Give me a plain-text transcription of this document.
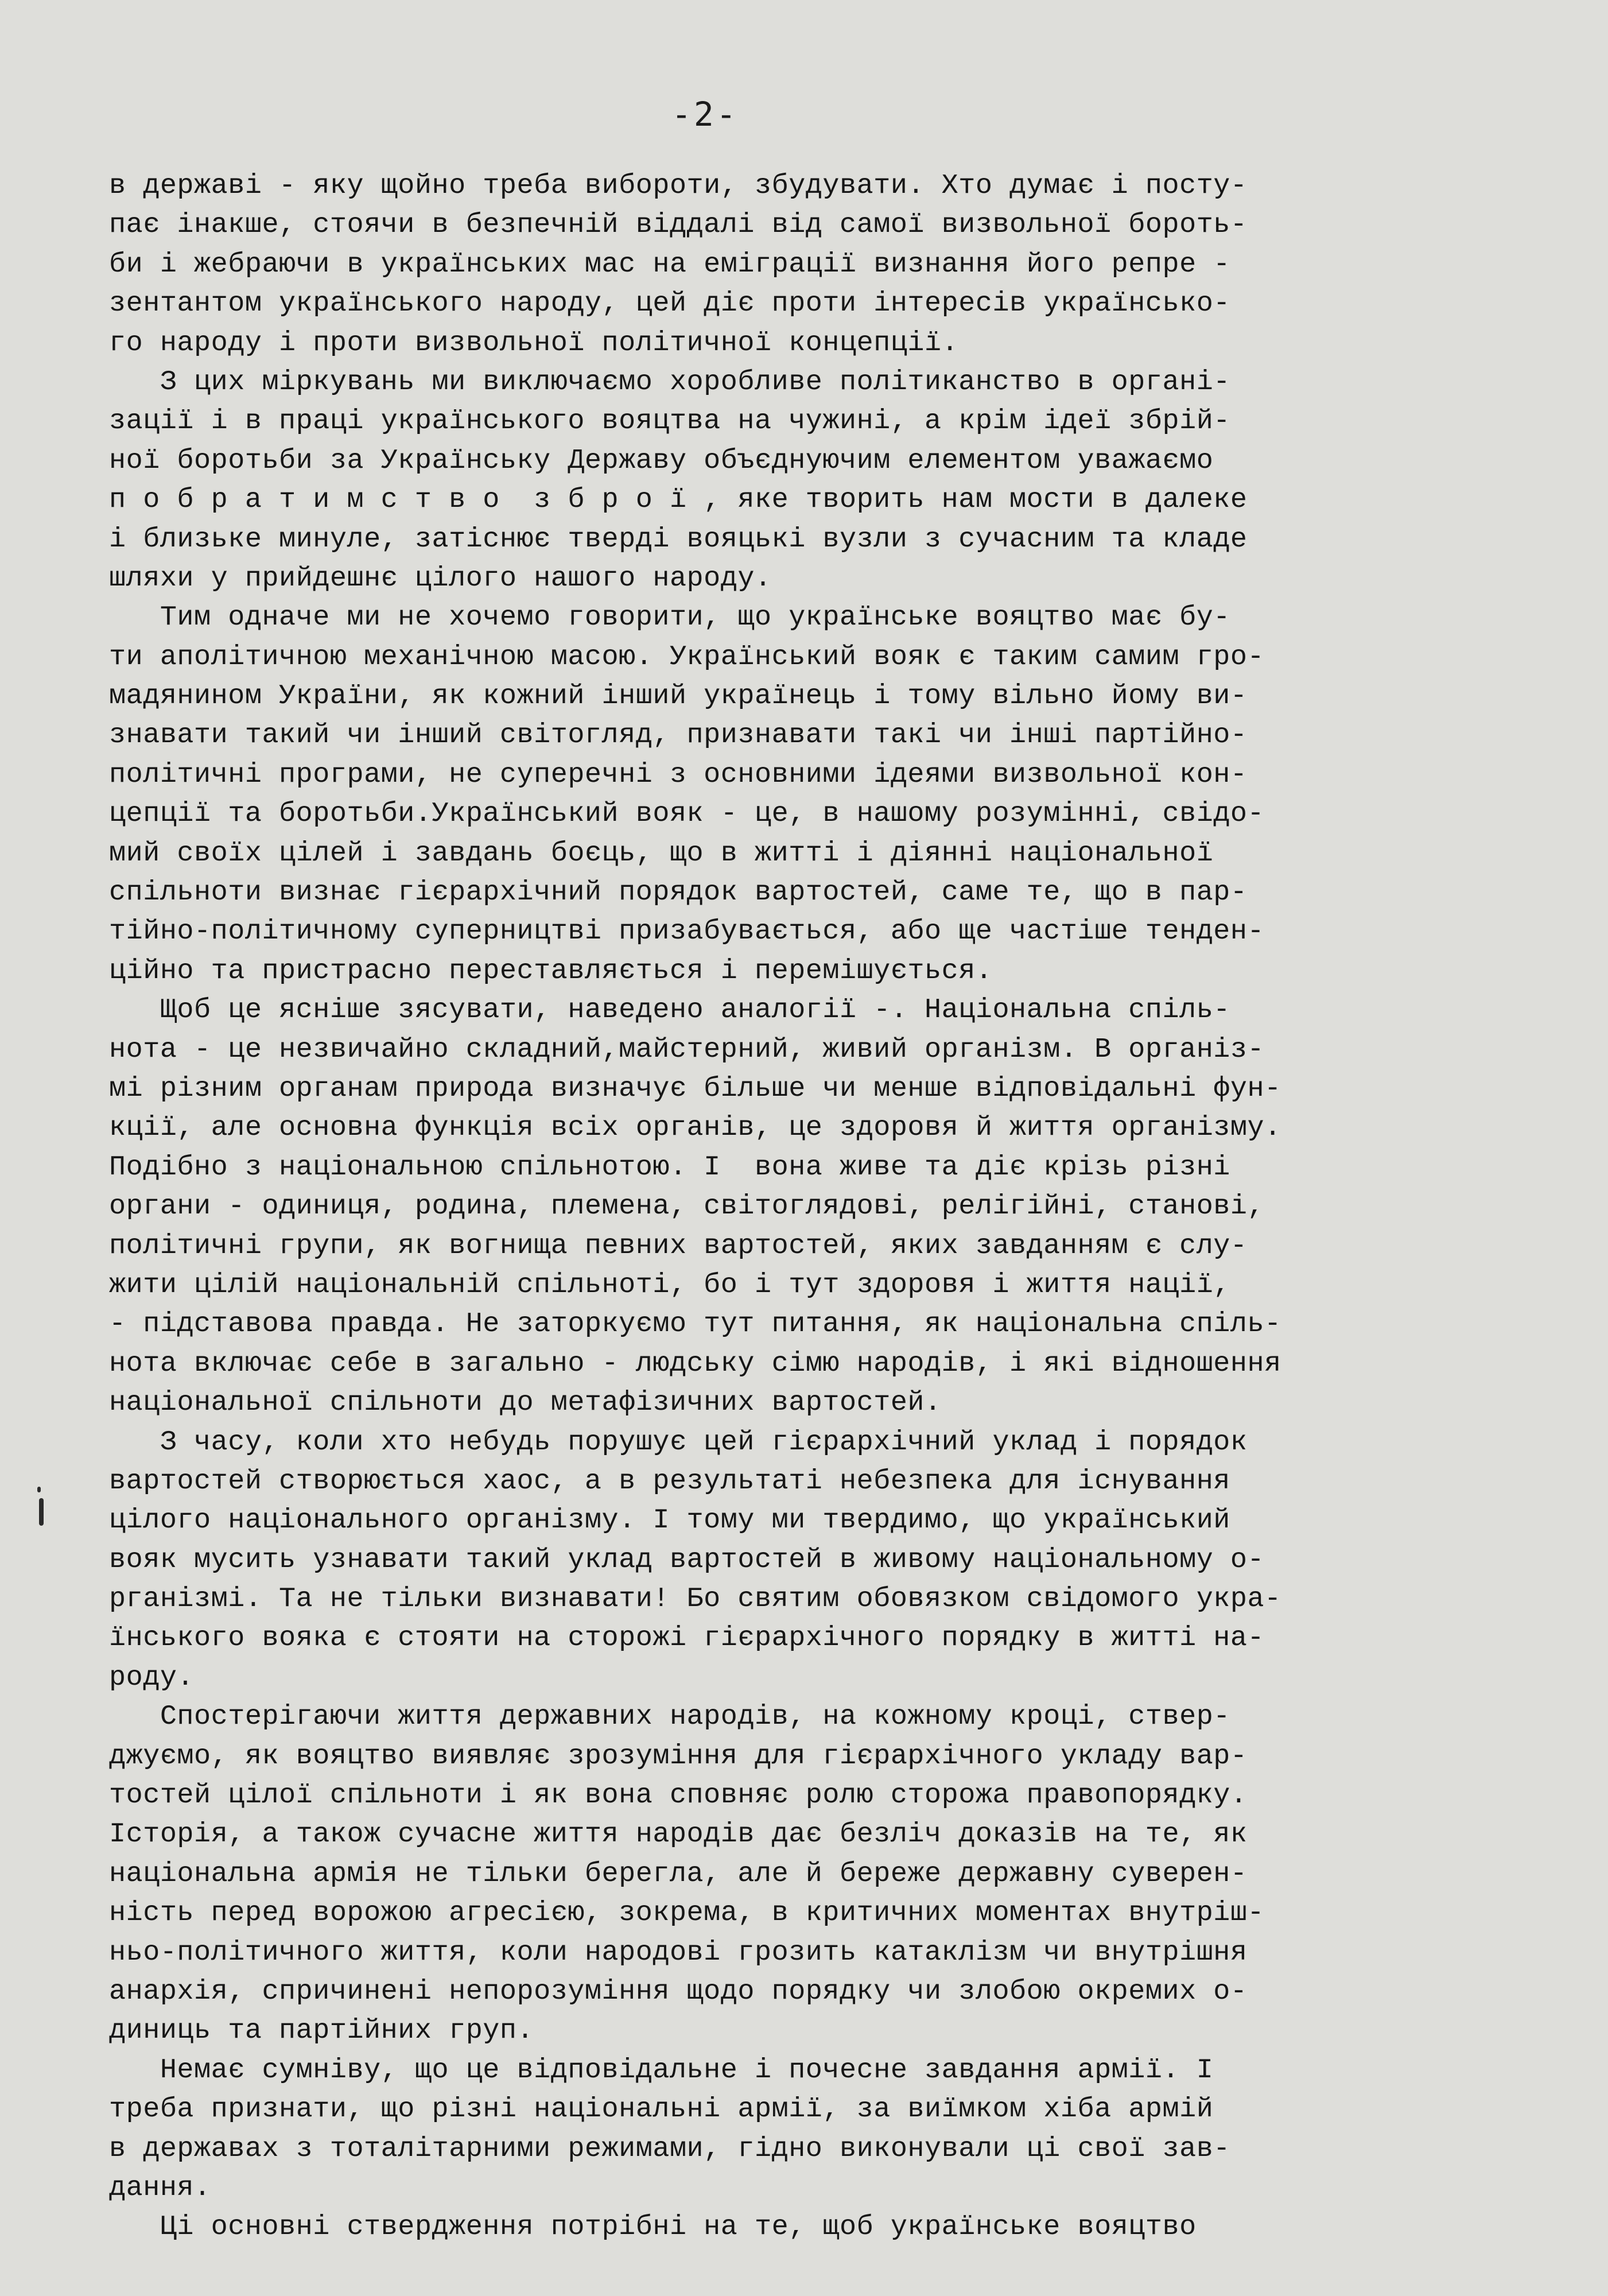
-2-
в державі - яку щойно треба вибороти, збудувати. Хто думає і посту-
пає інакше, стоячи в безпечній віддалі від самої визвольної бороть-
би і жебраючи в українських мас на еміграції визнання його репре -
зентантом українського народу, цей діє проти інтересів українсько-
го народу і проти визвольної політичної концепції.
З цих міркувань ми виключаємо хоробливе політиканство в органі-
зації і в праці українського вояцтва на чужині, а крім ідеї збрій-
ної боротьби за Українську Державу объєднуючим елементом уважаємо
п о б р а т и м с т в о  з б р о ї , яке творить нам мости в далеке
і близьке минуле, затіснює тверді вояцькі вузли з сучасним та кладе
шляхи у прийдешнє цілого нашого народу.
Тим одначе ми не хочемо говорити, що українське вояцтво має бу-
ти аполітичною механічною масою. Український вояк є таким самим гро-
мадянином України, як кожний інший українець і тому вільно йому ви-
знавати такий чи інший світогляд, признавати такі чи інші партійно-
політичні програми, не суперечні з основними ідеями визвольної кон-
цепції та боротьби.Український вояк - це, в нашому розумінні, свідо-
мий своїх цілей і завдань боєць, що в житті і діянні національної
спільноти визнає гієрархічний порядок вартостей, саме те, що в пар-
тійно-політичному суперництві призабувається, або ще частіше тенден-
ційно та пристрасно переставляється і перемішується.
Щоб це ясніше зясувати, наведено аналогії -. Національна спіль-
нота - це незвичайно складний,майстерний, живий організм. В організ-
мі різним органам природа визначує більше чи менше відповідальні фун-
кції, але основна функція всіх органів, це здоровя й життя організму.
Подібно з національною спільнотою. І  вона живе та діє крізь різні
органи - одиниця, родина, племена, світоглядові, релігійні, станові,
політичні групи, як вогнища певних вартостей, яких завданням є слу-
жити цілій національній спільноті, бо і тут здоровя і життя нації,
- підставова правда. Не заторкуємо тут питання, як національна спіль-
нота включає себе в загально - людську сімю народів, і які відношення
національної спільноти до метафізичних вартостей.
З часу, коли хто небудь порушує цей гієрархічний уклад і порядок
вартостей створюється хаос, а в результаті небезпека для існування
цілого національного організму. І тому ми твердимо, що український
вояк мусить узнавати такий уклад вартостей в живому національному о-
рганізмі. Та не тільки визнавати! Бо святим обовязком свідомого укра-
їнського вояка є стояти на сторожі гієрархічного порядку в житті на-
роду.
Спостерігаючи життя державних народів, на кожному кроці, ствер-
джуємо, як вояцтво виявляє зрозуміння для гієрархічного укладу вар-
тостей цілої спільноти і як вона сповняє ролю сторожа правопорядку.
Історія, а також сучасне життя народів дає безліч доказів на те, як
національна армія не тільки берегла, але й береже державну суверен-
ність перед ворожою агресією, зокрема, в критичних моментах внутріш-
ньо-політичного життя, коли народові грозить катаклізм чи внутрішня
анархія, спричинені непорозуміння щодо порядку чи злобою окремих о-
диниць та партійних груп.
Немає сумніву, що це відповідальне і почесне завдання армії. І
треба признати, що різні національні армії, за виїмком хіба армій
в державах з тоталітарними режимами, гідно виконували ці свої зав-
дання.
Ці основні ствердження потрібні на те, щоб українське вояцтво
